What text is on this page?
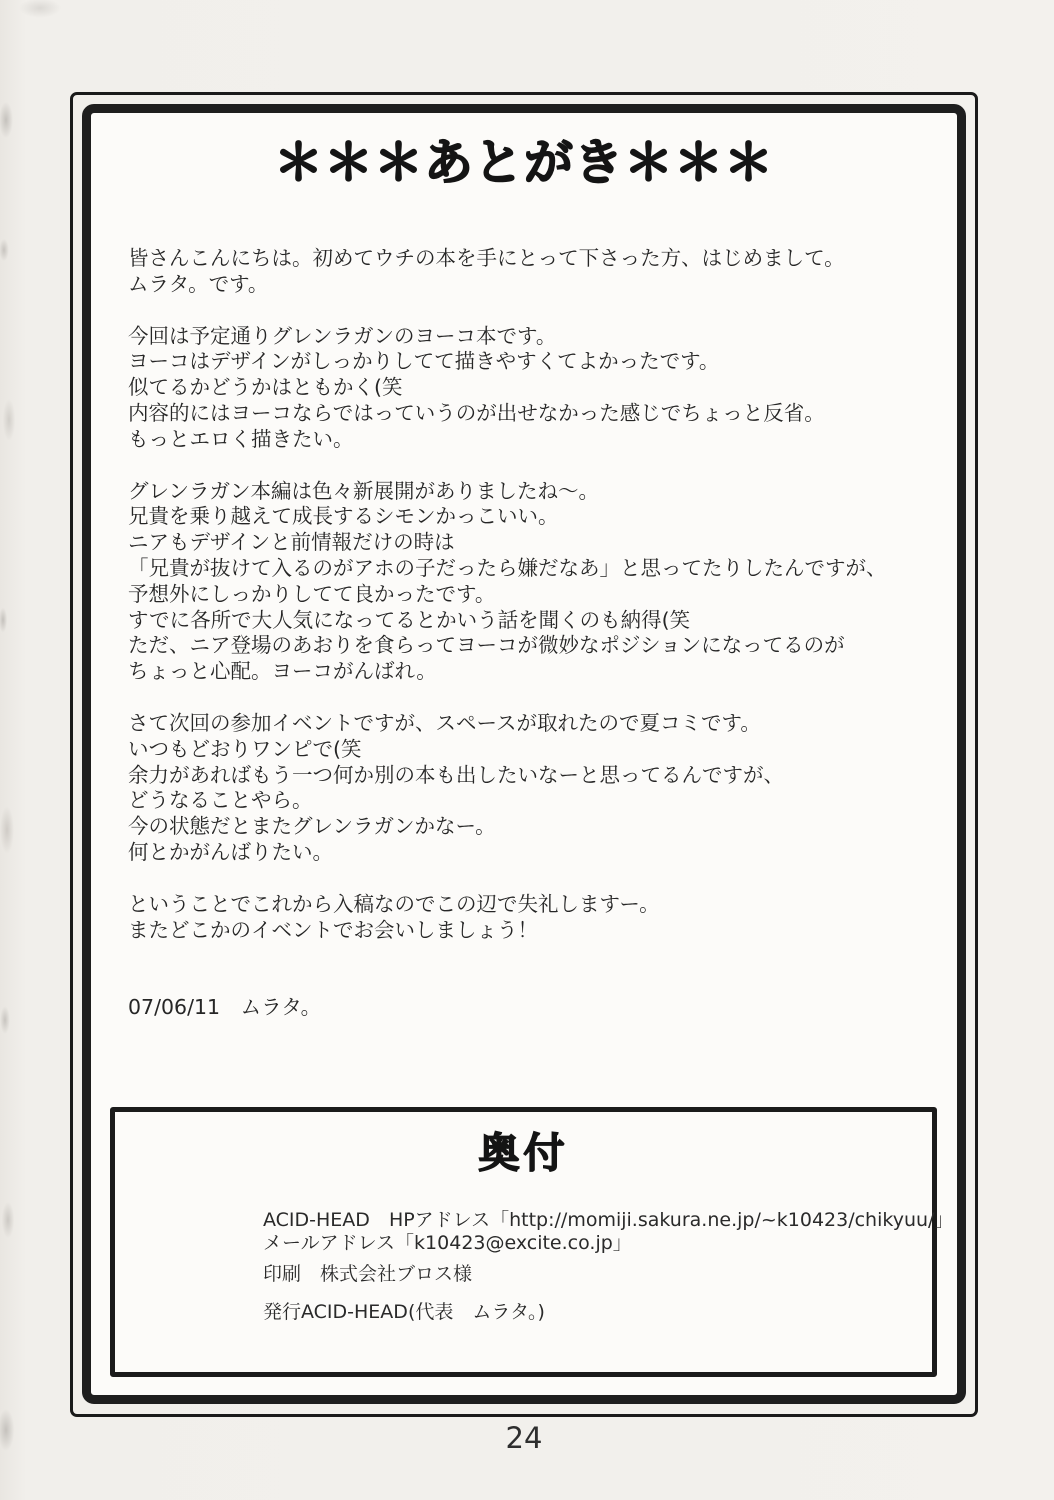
＊＊＊あとがき＊＊＊

皆さんこんにちは。初めてウチの本を手にとって下さった方、はじめまして。
ムラタ。です。

今回は予定通りグレンラガンのヨーコ本です。
ヨーコはデザインがしっかりしてて描きやすくてよかったです。
似てるかどうかはともかく(笑
内容的にはヨーコならではっていうのが出せなかった感じでちょっと反省。
もっとエロく描きたい。

グレンラガン本編は色々新展開がありましたね～。
兄貴を乗り越えて成長するシモンかっこいい。
ニアもデザインと前情報だけの時は
「兄貴が抜けて入るのがアホの子だったら嫌だなあ」と思ってたりしたんですが、
予想外にしっかりしてて良かったです。
すでに各所で大人気になってるとかいう話を聞くのも納得(笑
ただ、ニア登場のあおりを食らってヨーコが微妙なポジションになってるのが
ちょっと心配。ヨーコがんばれ。

さて次回の参加イベントですが、スペースが取れたので夏コミです。
いつもどおりワンピで(笑
余力があればもう一つ何か別の本も出したいなーと思ってるんですが、
どうなることやら。
今の状態だとまたグレンラガンかなー。
何とかがんばりたい。

ということでこれから入稿なのでこの辺で失礼しますー。
またどこかのイベントでお会いしましょう！

07/06/11　ムラタ。
奥付
ACID-HEAD　HPアドレス「http://momiji.sakura.ne.jp/~k10423/chikyuu/」
メールアドレス「k10423@excite.co.jp」
印刷　株式会社ブロス様
発行ACID-HEAD(代表　ムラタ。)
24
